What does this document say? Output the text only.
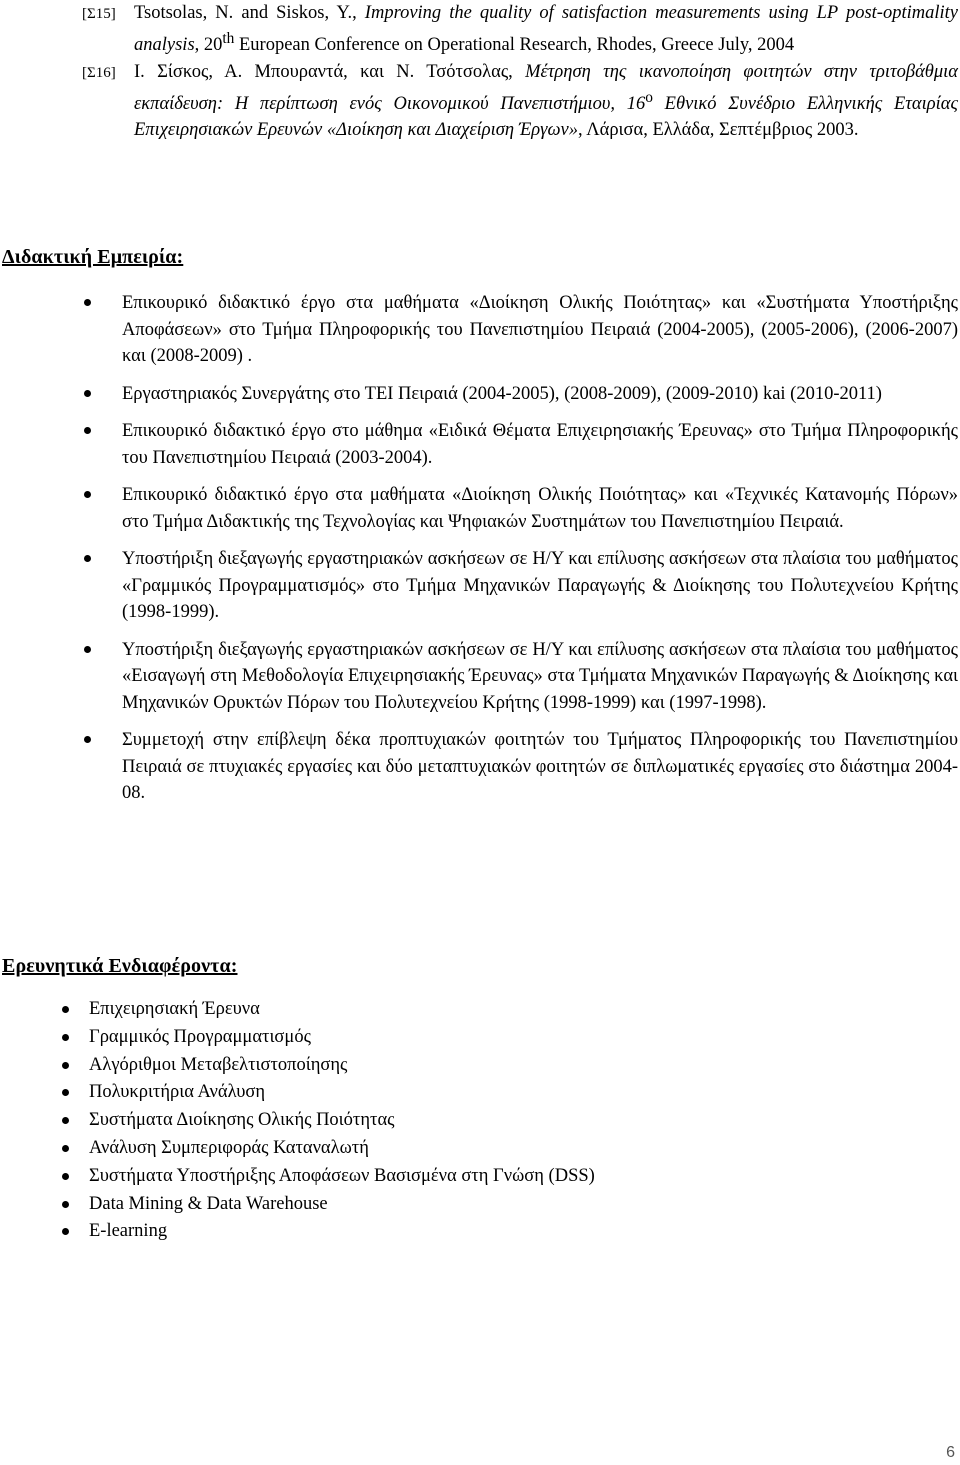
[Σ15] Tsotsolas, N. and Siskos, Y., Improving the quality of satisfaction measurements using LP post-optimality analysis, 20th European Conference on Operational Research, Rhodes, Greece July, 2004
[Σ16] Ι. Σίσκος, Α. Μπουραντά, και Ν. Τσότσολας, Μέτρηση της ικανοποίηση φοιτητών στην τριτοβάθμια εκπαίδευση: Η περίπτωση ενός Οικονομικού Πανεπιστήμιου, $16^o$ Εθνικό Συνέδριο Ελληνικής Εταιρίας Επιχειρησιακών Ερευνών «Διοίκηση και Διαχείριση Έργων», Λάρισα, Ελλάδα, Σεπτέμβριος 2003.
Διδακτική Εμπειρία:
Επικουρικό διδακτικό έργο στα μαθήματα «Διοίκηση Ολικής Ποιότητας» και «Συστήματα Υποστήριξης Αποφάσεων» στο Τμήμα Πληροφορικής του Πανεπιστημίου Πειραιά (2004-2005), (2005-2006), (2006-2007) και (2008-2009) .
Εργαστηριακός Συνεργάτης στο ΤΕΙ Πειραιά (2004-2005), (2008-2009), (2009-2010) kai (2010-2011)
Επικουρικό διδακτικό έργο στο μάθημα «Ειδικά Θέματα Επιχειρησιακής Έρευνας» στο Τμήμα Πληροφορικής του Πανεπιστημίου Πειραιά (2003-2004).
Επικουρικό διδακτικό έργο στα μαθήματα «Διοίκηση Ολικής Ποιότητας» και «Τεχνικές Κατανομής Πόρων» στο Τμήμα Διδακτικής της Τεχνολογίας και Ψηφιακών Συστημάτων του Πανεπιστημίου Πειραιά.
Υποστήριξη διεξαγωγής εργαστηριακών ασκήσεων σε Η/Υ και επίλυσης ασκήσεων στα πλαίσια του μαθήματος «Γραμμικός Προγραμματισμός» στο Τμήμα Μηχανικών Παραγωγής & Διοίκησης του Πολυτεχνείου Κρήτης (1998-1999).
Υποστήριξη διεξαγωγής εργαστηριακών ασκήσεων σε Η/Υ και επίλυσης ασκήσεων στα πλαίσια του μαθήματος «Εισαγωγή στη Μεθοδολογία Επιχειρησιακής Έρευνας» στα Τμήματα Μηχανικών Παραγωγής & Διοίκησης και Μηχανικών Ορυκτών Πόρων του Πολυτεχνείου Κρήτης (1998-1999) και (1997-1998).
Συμμετοχή στην επίβλεψη δέκα προπτυχιακών φοιτητών του Τμήματος Πληροφορικής του Πανεπιστημίου Πειραιά σε πτυχιακές εργασίες και δύο μεταπτυχιακών φοιτητών σε διπλωματικές εργασίες στο διάστημα 2004-08.
Ερευνητικά Ενδιαφέροντα:
Επιχειρησιακή Έρευνα
Γραμμικός Προγραμματισμός
Αλγόριθμοι Μεταβελτιστοποίησης
Πολυκριτήρια Ανάλυση
Συστήματα Διοίκησης Ολικής Ποιότητας
Ανάλυση Συμπεριφοράς Καταναλωτή
Συστήματα Υποστήριξης Αποφάσεων Βασισμένα στη Γνώση (DSS)
Data Mining & Data Warehouse
E-learning
6
